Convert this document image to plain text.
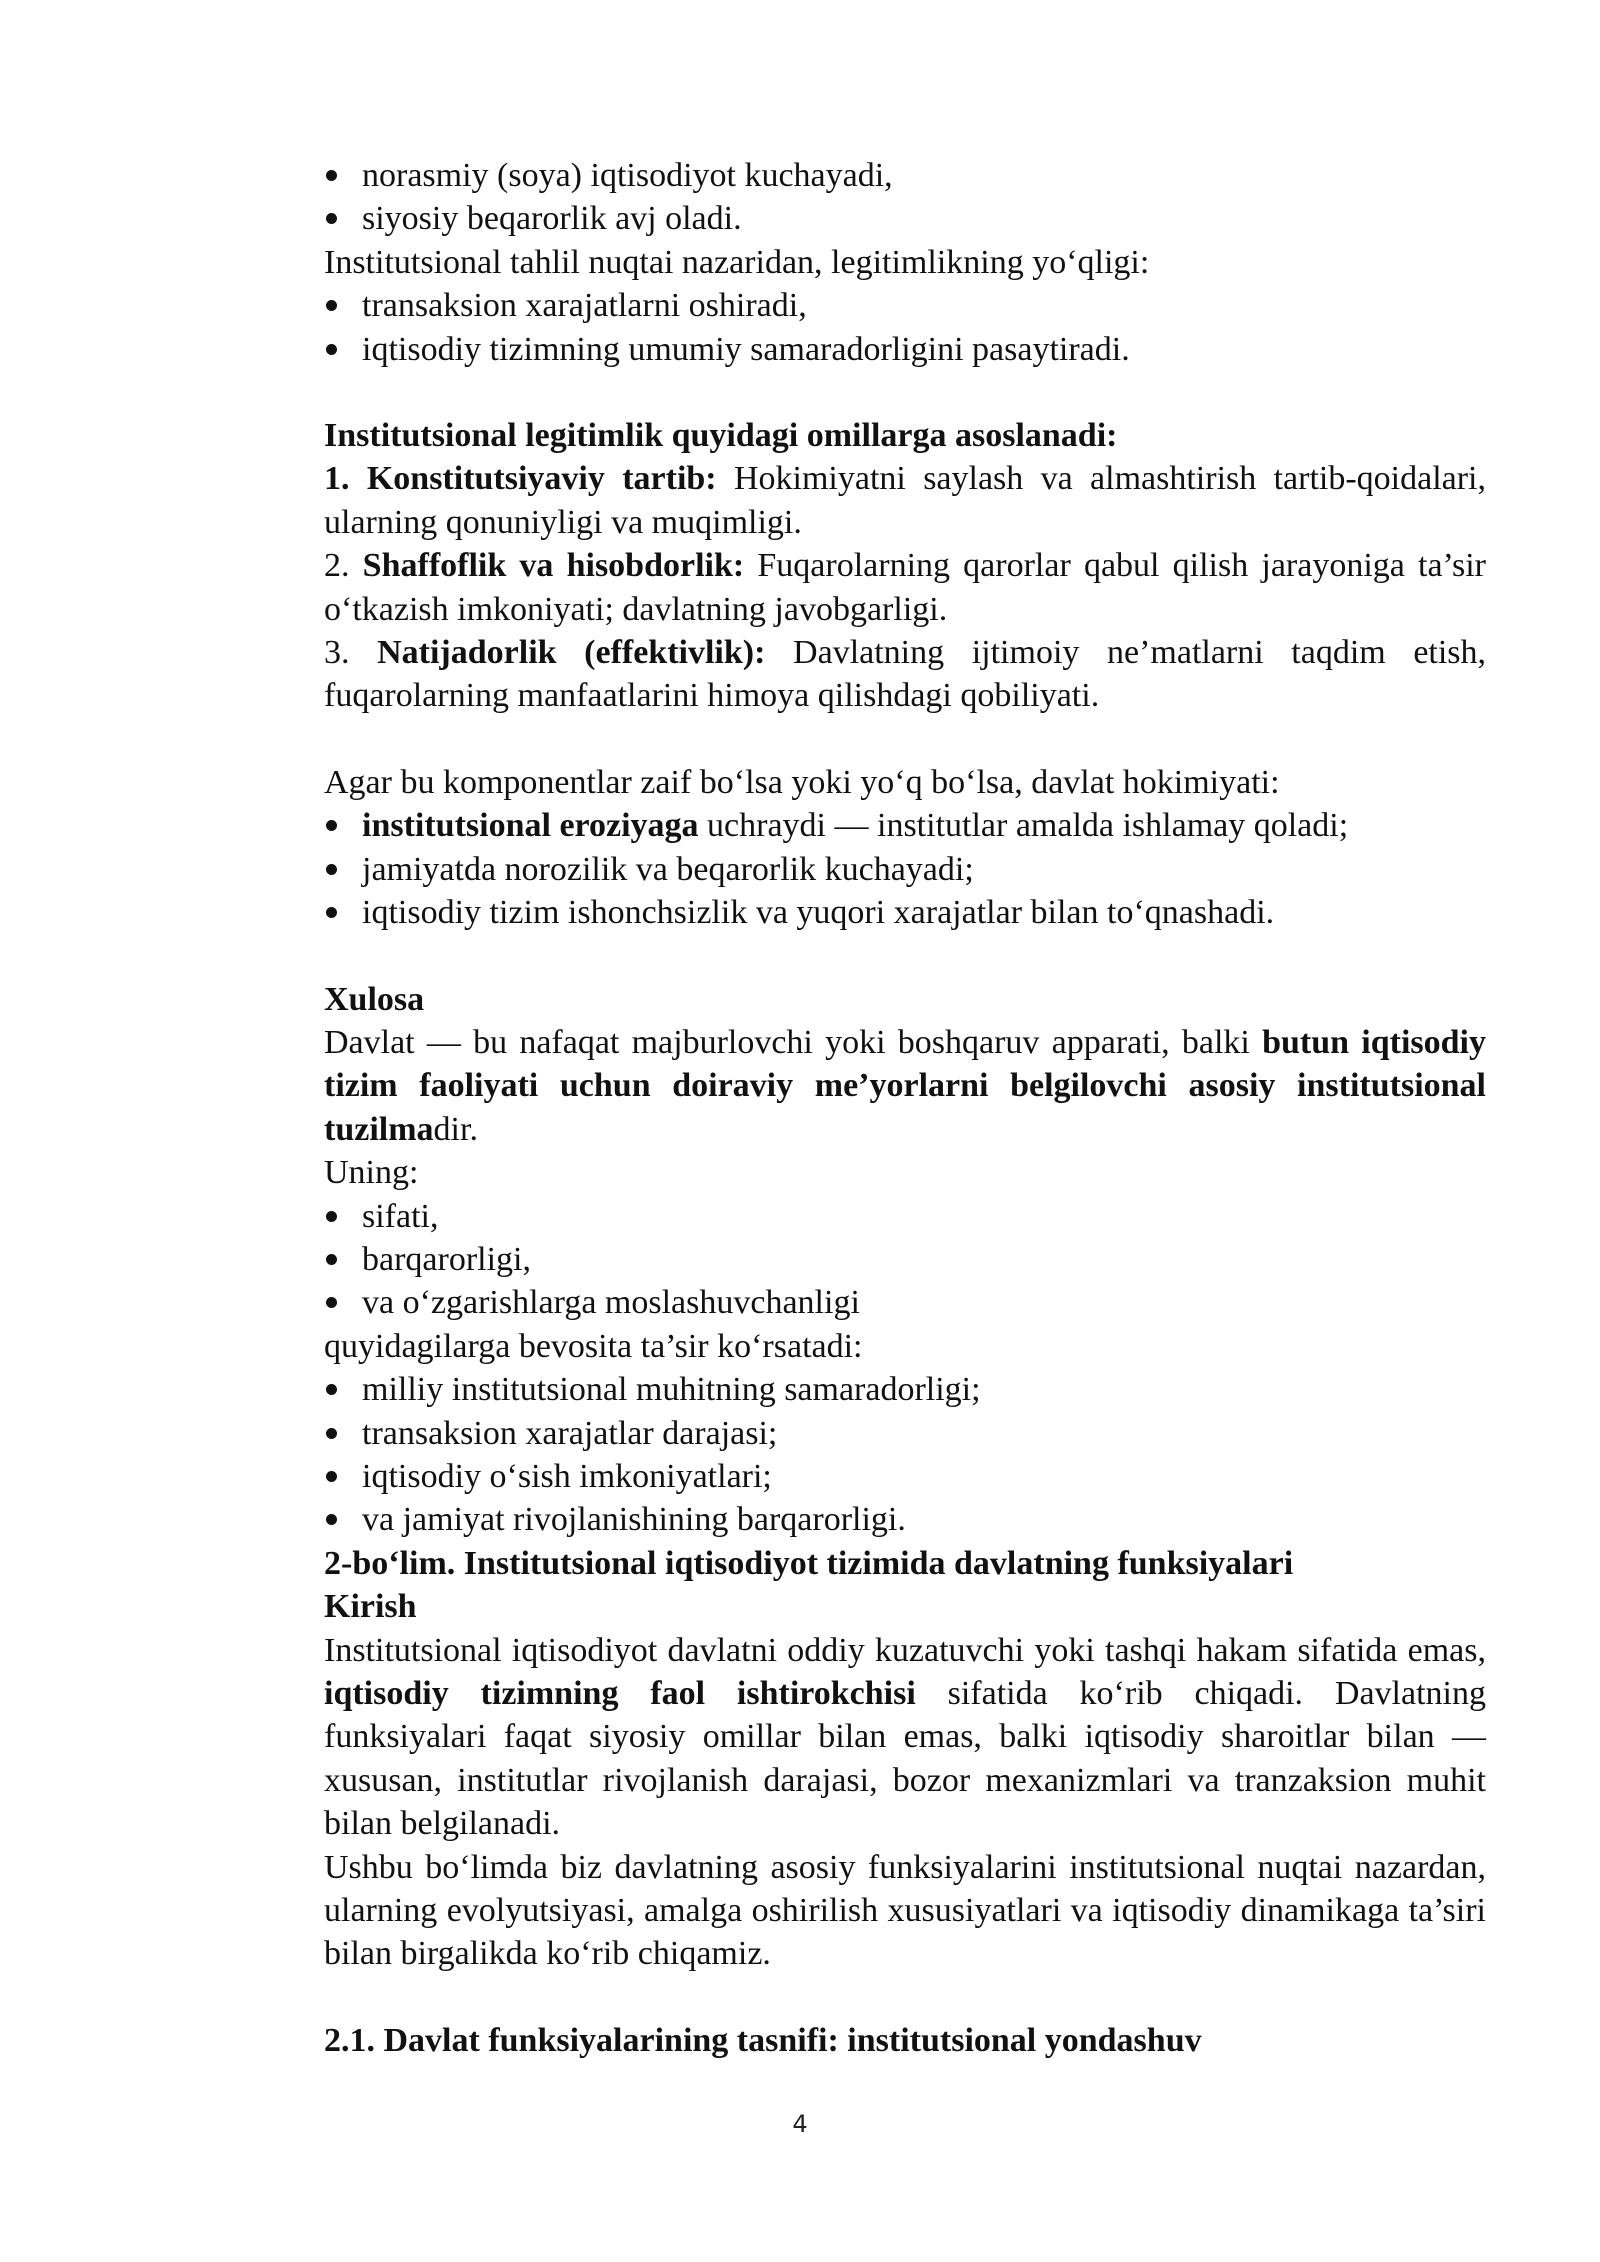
norasmiy (soya) iqtisodiyot kuchayadi,
siyosiy beqarorlik avj oladi.

Institutsional tahlil nuqtai nazaridan, legitimlikning yo‘qligi:

transaksion xarajatlarni oshiradi,
iqtisodiy tizimning umumiy samaradorligini pasaytiradi.

Institutsional legitimlik quyidagi omillarga asoslanadi:

1. Konstitutsiyaviy tartib: Hokimiyatni saylash va almashtirish tartib-qoidalari, ularning qonuniyligi va muqimligi.

2. Shaffoflik va hisobdorlik: Fuqarolarning qarorlar qabul qilish jarayoniga ta’sir o‘tkazish imkoniyati; davlatning javobgarligi.

3. Natijadorlik (effektivlik): Davlatning ijtimoiy ne’matlarni taqdim etish, fuqarolarning manfaatlarini himoya qilishdagi qobiliyati.

Agar bu komponentlar zaif bo‘lsa yoki yo‘q bo‘lsa, davlat hokimiyati:

institutsional eroziyaga uchraydi — institutlar amalda ishlamay qoladi;
jamiyatda norozilik va beqarorlik kuchayadi;
iqtisodiy tizim ishonchsizlik va yuqori xarajatlar bilan to‘qnashadi.

Xulosa

Davlat — bu nafaqat majburlovchi yoki boshqaruv apparati, balki butun iqtisodiy tizim faoliyati uchun doiraviy me’yorlarni belgilovchi asosiy institutsional tuzilmadir.

Uning:

sifati,
barqarorligi,
va o‘zgarishlarga moslashuvchanligi

quyidagilarga bevosita ta’sir ko‘rsatadi:

milliy institutsional muhitning samaradorligi;
transaksion xarajatlar darajasi;
iqtisodiy o‘sish imkoniyatlari;
va jamiyat rivojlanishining barqarorligi.

2-bo‘lim. Institutsional iqtisodiyot tizimida davlatning funksiyalari

Kirish

Institutsional iqtisodiyot davlatni oddiy kuzatuvchi yoki tashqi hakam sifatida emas, iqtisodiy tizimning faol ishtirokchisi sifatida ko‘rib chiqadi. Davlatning funksiyalari faqat siyosiy omillar bilan emas, balki iqtisodiy sharoitlar bilan — xususan, institutlar rivojlanish darajasi, bozor mexanizmlari va tranzaksion muhit bilan belgilanadi.

Ushbu bo‘limda biz davlatning asosiy funksiyalarini institutsional nuqtai nazardan, ularning evolyutsiyasi, amalga oshirilish xususiyatlari va iqtisodiy dinamikaga ta’siri bilan birgalikda ko‘rib chiqamiz.

2.1. Davlat funksiyalarining tasnifi: institutsional yondashuv

4
